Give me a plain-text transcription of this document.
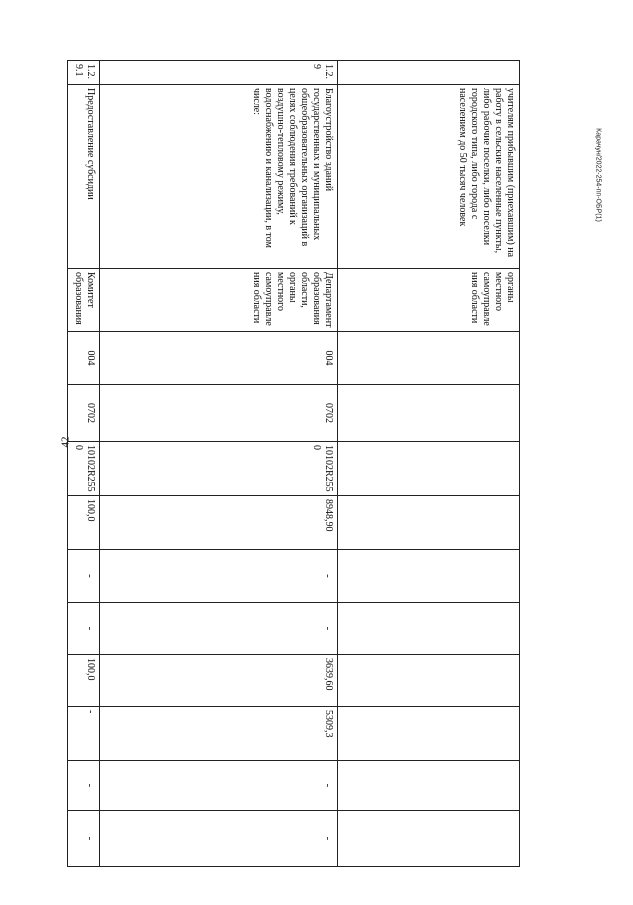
42
Карачун/2022-254-пп-ОБР(1)
	учителям прибывшим (приехавшим) на работу в сельские населенные пункты, либо рабочие поселки, либо поселки городского типа, либо города с населением до 50 тысяч человек	органы местного самоуправления области										
1.2.9	Благоустройство зданий государственных и муниципальных общеобразовательных организаций в целях соблюдения требований к воздушно-тепловому режиму, водоснабжению и канализации, в том числе:	Департамент образования области, органы местного самоуправления области	004	0702	10102R2550	8948,90	-	-	3639,60	5309,3	-	-
1.2.9.1	Предоставление субсидии	Комитет образования	004	0702	10102R2550	100,0	-	-	100,0	-	-	-
